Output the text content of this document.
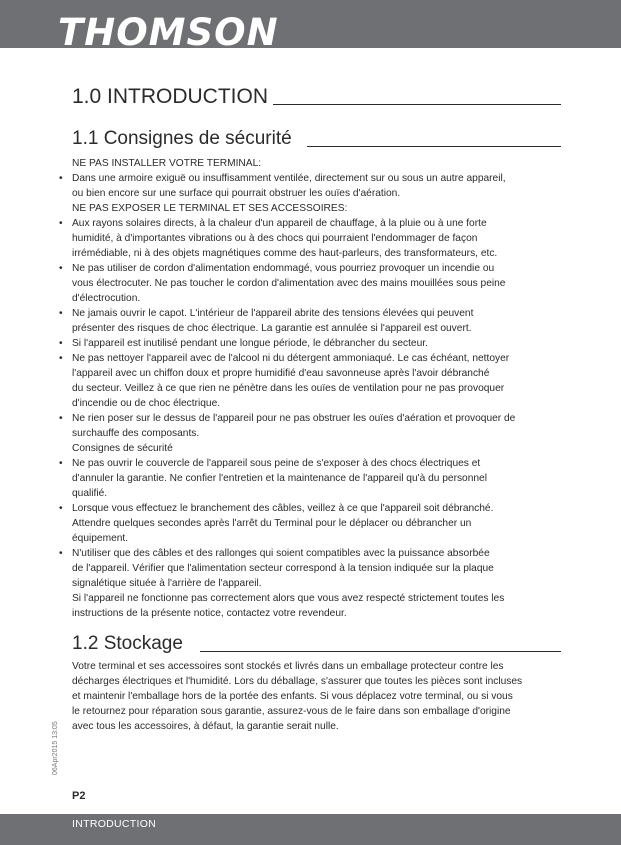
THOMSON
1.0 INTRODUCTION
1.1 Consignes de sécurité
NE PAS INSTALLER VOTRE TERMINAL:
• Dans une armoire exiguë ou insuffisamment ventilée, directement sur ou sous un autre appareil,
ou bien encore sur une surface qui pourrait obstruer les ouïes d'aération.
NE PAS EXPOSER LE TERMINAL ET SES ACCESSOIRES:
• Aux rayons solaires directs, à la chaleur d'un appareil de chauffage, à la pluie ou à une forte
humidité, à d'importantes vibrations ou à des chocs qui pourraient l'endommager de façon
irrémédiable, ni à des objets magnétiques comme des haut-parleurs, des transformateurs, etc.
• Ne pas utiliser de cordon d'alimentation endommagé, vous pourriez provoquer un incendie ou
vous électrocuter. Ne pas toucher le cordon d'alimentation avec des mains mouillées sous peine
d'électrocution.
• Ne jamais ouvrir le capot. L'intérieur de l'appareil abrite des tensions élevées qui peuvent
présenter des risques de choc électrique. La garantie est annulée si l'appareil est ouvert.
• Si l'appareil est inutilisé pendant une longue période, le débrancher du secteur.
• Ne pas nettoyer l'appareil avec de l'alcool ni du détergent ammoniaqué. Le cas échéant, nettoyer
l'appareil avec un chiffon doux et propre humidifié d'eau savonneuse après l'avoir débranché
du secteur. Veillez à ce que rien ne pénètre dans les ouïes de ventilation pour ne pas provoquer
d'incendie ou de choc électrique.
• Ne rien poser sur le dessus de l'appareil pour ne pas obstruer les ouïes d'aération et provoquer de
surchauffe des composants.
Consignes de sécurité
• Ne pas ouvrir le couvercle de l'appareil sous peine de s'exposer à des chocs électriques et
d'annuler la garantie. Ne confier l'entretien et la maintenance de l'appareil qu'à du personnel
qualifié.
• Lorsque vous effectuez le branchement des câbles, veillez à ce que l'appareil soit débranché.
Attendre quelques secondes après l'arrêt du Terminal pour le déplacer ou débrancher un
équipement.
• N'utiliser que des câbles et des rallonges qui soient compatibles avec la puissance absorbée
de l'appareil. Vérifier que l'alimentation secteur correspond à la tension indiquée sur la plaque
signalétique située à l'arrière de l'appareil.
Si l'appareil ne fonctionne pas correctement alors que vous avez respecté strictement toutes les
instructions de la présente notice, contactez votre revendeur.
1.2 Stockage
Votre terminal et ses accessoires sont stockés et livrés dans un emballage protecteur contre les
décharges électriques et l'humidité. Lors du déballage, s'assurer que toutes les pièces sont incluses
et maintenir l'emballage hors de la portée des enfants. Si vous déplacez votre terminal, ou si vous
le retournez pour réparation sous garantie, assurez-vous de le faire dans son emballage d'origine
avec tous les accessoires, à défaut, la garantie serait nulle.
06Apr2015 13:05
P2
INTRODUCTION
